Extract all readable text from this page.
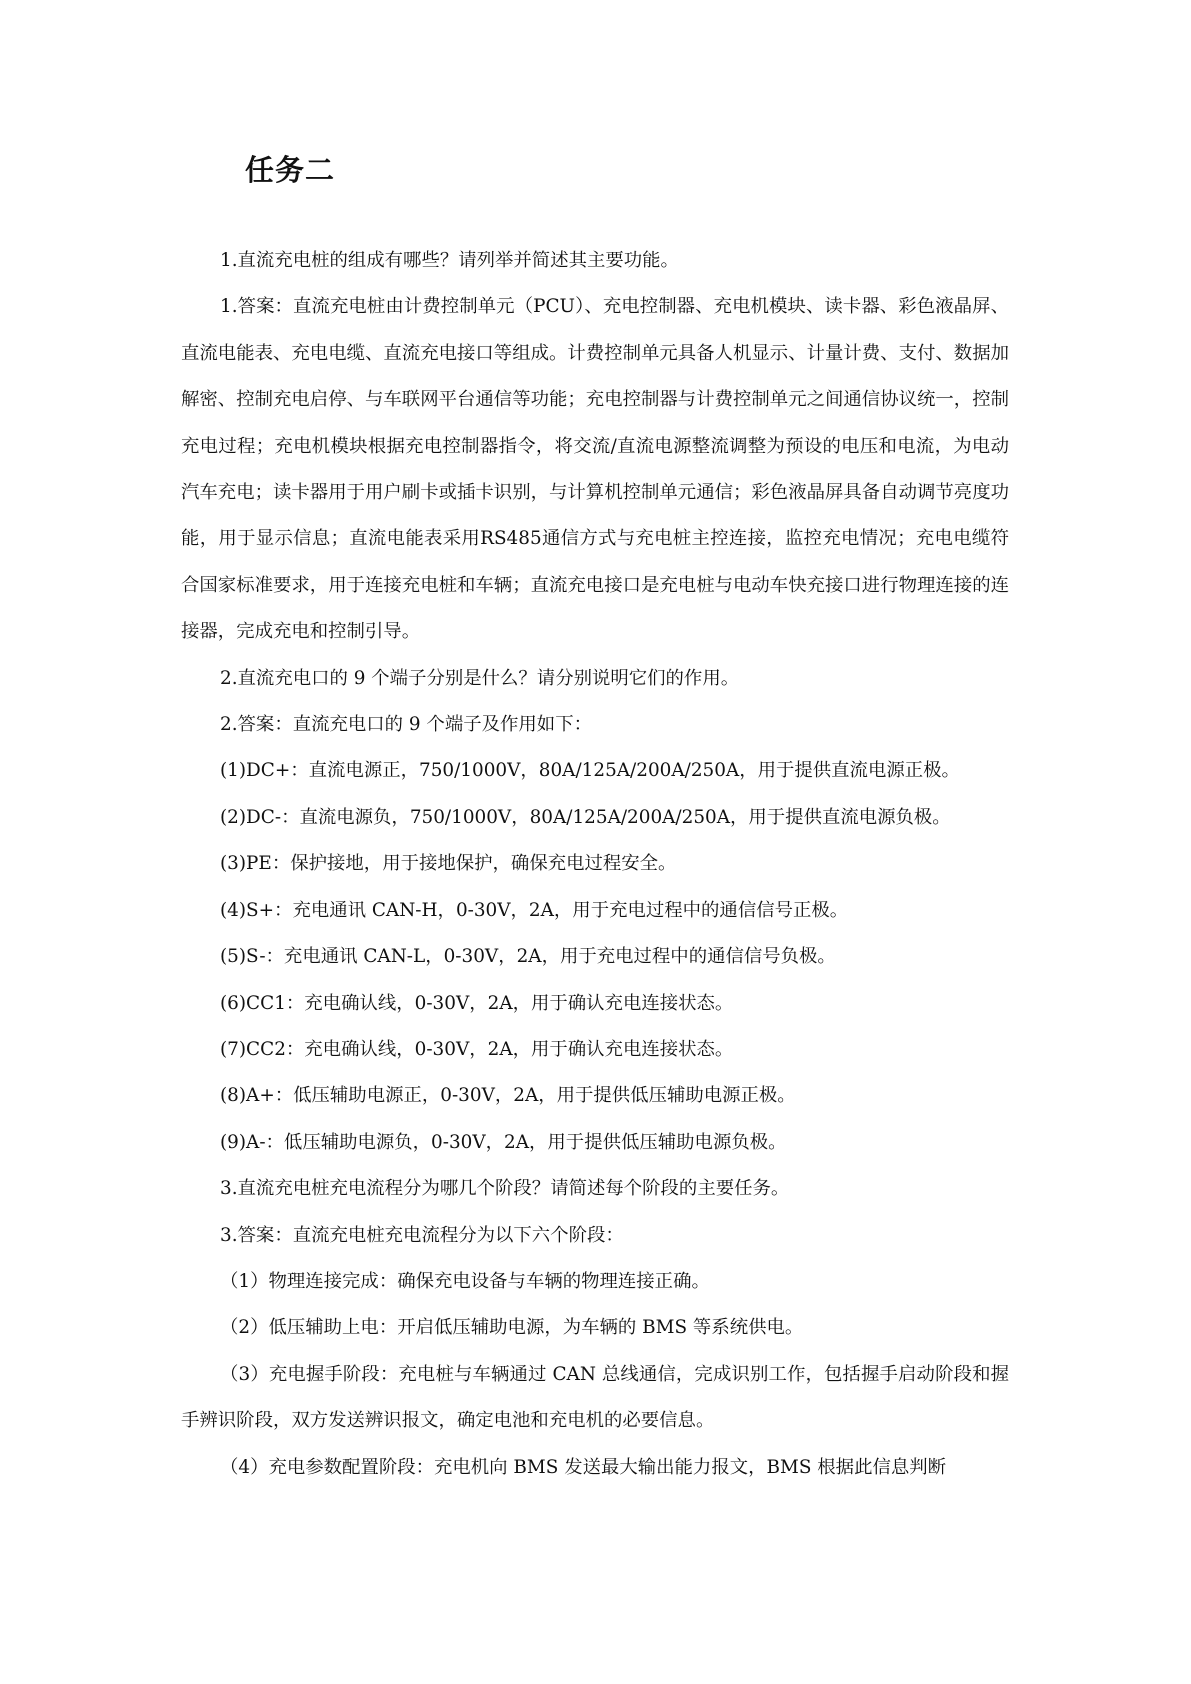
任务二

1.直流充电桩的组成有哪些？请列举并简述其主要功能。

1.答案：直流充电桩由计费控制单元（PCU）、充电控制器、充电机模块、读卡器、彩色液晶屏、直流电能表、充电电缆、直流充电接口等组成。计费控制单元具备人机显示、计量计费、支付、数据加解密、控制充电启停、与车联网平台通信等功能；充电控制器与计费控制单元之间通信协议统一，控制充电过程；充电机模块根据充电控制器指令，将交流/直流电源整流调整为预设的电压和电流，为电动汽车充电；读卡器用于用户刷卡或插卡识别，与计算机控制单元通信；彩色液晶屏具备自动调节亮度功能，用于显示信息；直流电能表采用RS485通信方式与充电桩主控连接，监控充电情况；充电电缆符合国家标准要求，用于连接充电桩和车辆；直流充电接口是充电桩与电动车快充接口进行物理连接的连接器，完成充电和控制引导。

2.直流充电口的 9 个端子分别是什么？请分别说明它们的作用。

2.答案：直流充电口的 9 个端子及作用如下：

(1)DC+：直流电源正，750/1000V，80A/125A/200A/250A，用于提供直流电源正极。

(2)DC-：直流电源负，750/1000V，80A/125A/200A/250A，用于提供直流电源负极。

(3)PE：保护接地，用于接地保护，确保充电过程安全。

(4)S+：充电通讯 CAN-H，0-30V，2A，用于充电过程中的通信信号正极。

(5)S-：充电通讯 CAN-L，0-30V，2A，用于充电过程中的通信信号负极。

(6)CC1：充电确认线，0-30V，2A，用于确认充电连接状态。

(7)CC2：充电确认线，0-30V，2A，用于确认充电连接状态。

(8)A+：低压辅助电源正，0-30V，2A，用于提供低压辅助电源正极。

(9)A-：低压辅助电源负，0-30V，2A，用于提供低压辅助电源负极。

3.直流充电桩充电流程分为哪几个阶段？请简述每个阶段的主要任务。

3.答案：直流充电桩充电流程分为以下六个阶段：

（1）物理连接完成：确保充电设备与车辆的物理连接正确。

（2）低压辅助上电：开启低压辅助电源，为车辆的 BMS 等系统供电。

（3）充电握手阶段：充电桩与车辆通过 CAN 总线通信，完成识别工作，包括握手启动阶段和握手辨识阶段，双方发送辨识报文，确定电池和充电机的必要信息。

（4）充电参数配置阶段：充电机向 BMS 发送最大输出能力报文，BMS 根据此信息判断
